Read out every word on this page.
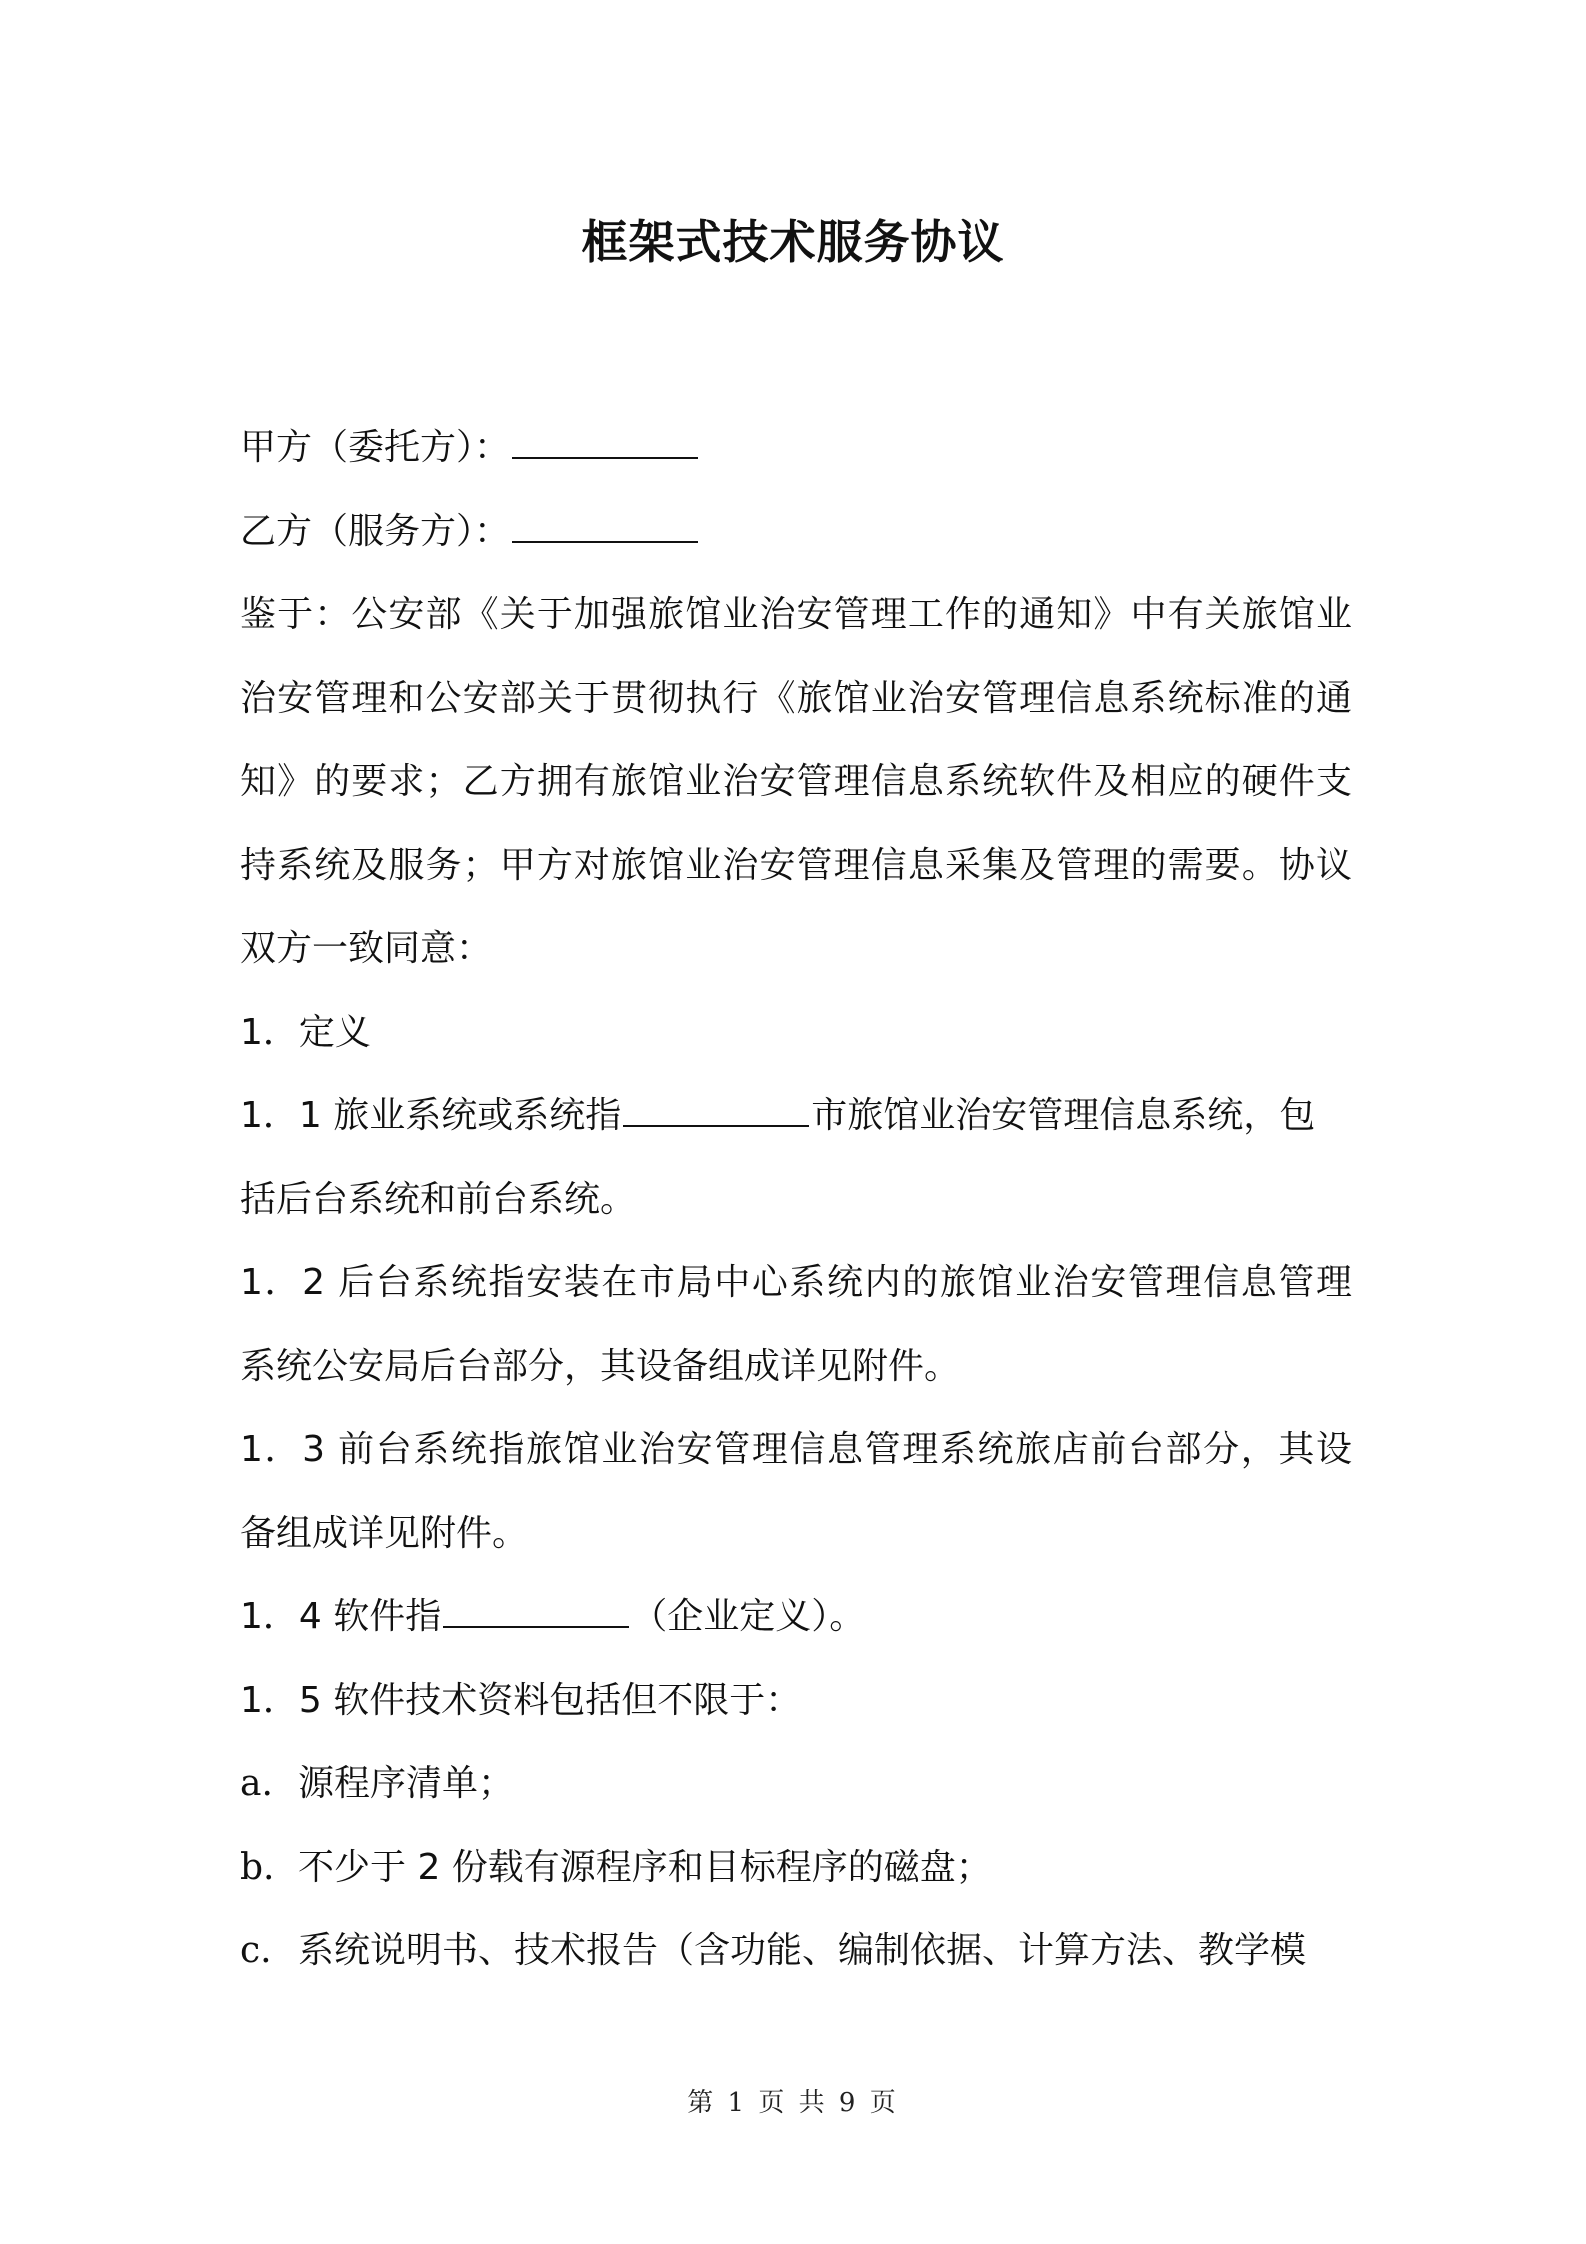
框架式技术服务协议
甲方（委托方）：
乙方（服务方）：
鉴于：公安部《关于加强旅馆业治安管理工作的通知》中有关旅馆业
治安管理和公安部关于贯彻执行《旅馆业治安管理信息系统标准的通
知》的要求；乙方拥有旅馆业治安管理信息系统软件及相应的硬件支
持系统及服务；甲方对旅馆业治安管理信息采集及管理的需要。协议
双方一致同意：
1．定义
1．1 旅业系统或系统指	市旅馆业治安管理信息系统，包
括后台系统和前台系统。
1．2 后台系统指安装在市局中心系统内的旅馆业治安管理信息管理
系统公安局后台部分，其设备组成详见附件。
1．3 前台系统指旅馆业治安管理信息管理系统旅店前台部分，其设
备组成详见附件。
1．4 软件指	（企业定义）。
1．5 软件技术资料包括但不限于：
a. 源程序清单；
b. 不少于 2 份载有源程序和目标程序的磁盘；
c. 系统说明书、技术报告（含功能、编制依据、计算方法、教学模
第 1 页 共 9 页
